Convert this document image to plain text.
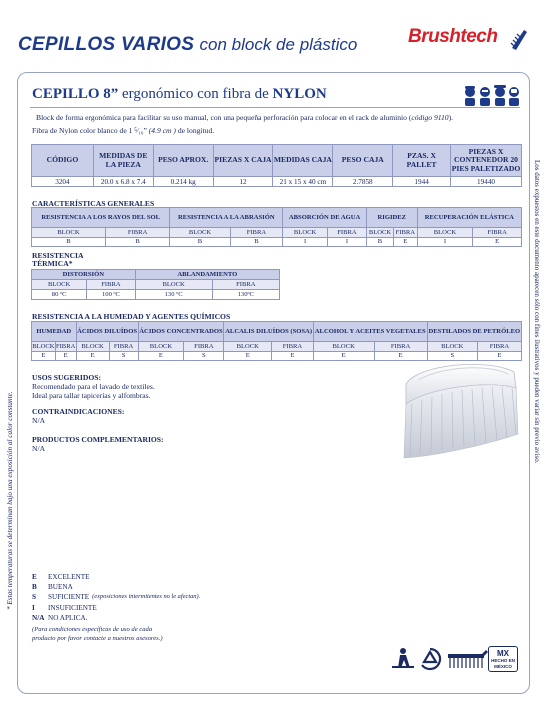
CEPILLOS VARIOS con block de plástico	Brushtech
* Estas temperaturas se determinan bajo una exposición al calor constante.
Los datos expuestos en este documento aparecen sólo con fines ilustrativos y pueden variar sin previo aviso.
CEPILLO 8” ergonómico con fibra de NYLON
Block de forma ergonómica para facilitar su uso manual, con una pequeña perforación para colocar en el rack de aluminio (código 9110).
Fibra de Nylon color blanco de 1 ⁵⁄₁₆” (4.9 cm ) de longitud.
CÓDIGO	MEDIDAS DE LA PIEZA	PESO APROX.	PIEZAS X CAJA	MEDIDAS CAJA	PESO CAJA	PZAS. X PALLET	PIEZAS X CONTENEDOR 20 PIES PALETIZADO
3204	20.0 x 6.8 x 7.4	0.214 kg	12	21 x 15 x 40 cm	2.7858	1944	19440
CARACTERÍSTICAS GENERALES
RESISTENCIA A LOS RAYOS DEL SOL		RESISTENCIA A LA ABRASIÓN		ABSORCIÓN DE AGUA		RIGIDEZ		RECUPERACIÓN ELÁSTICA	
BLOCK	FIBRA	BLOCK	FIBRA	BLOCK	FIBRA	BLOCK	FIBRA	BLOCK	FIBRA
B	B	B	B	I	I	B	E	I	E
RESISTENCIA
TÉRMICA*
DISTORSIÓN		ABLANDAMIENTO	
BLOCK	FIBRA	BLOCK	FIBRA
80 ºC	100 ºC	130 ºC	130ºC
RESISTENCIA A LA HUMEDAD Y AGENTES QUÍMICOS
HUMEDAD		ÁCIDOS DILUÍDOS		ÁCIDOS CONCENTRADOS		ALCALIS DILUÍDOS (SOSA)		ALCOHOL Y ACEITES VEGETALES		DESTILADOS DE PETRÓLEO	
BLOCK	FIBRA	BLOCK	FIBRA	BLOCK	FIBRA	BLOCK	FIBRA	BLOCK	FIBRA	BLOCK	FIBRA
E	E	E	S	E	S	E	E	E	E	S	E
USOS SUGERIDOS:
Recomendado para el lavado de textiles.
Ideal para tallar tapicerías y alfombras.
CONTRAINDICACIONES:
N/A
PRODUCTOS COMPLEMENTARIOS:
N/A
E	EXCELENTE
B	BUENA
S	SUFICIENTE (exposiciones intermitentes no le afectan).
I	INSUFICIENTE
N/A NO APLICA.
(Para condiciones específicas de uso de cada
producto por favor contacte a nuestros asesores.)
MX
HECHO EN
MÉXICO
